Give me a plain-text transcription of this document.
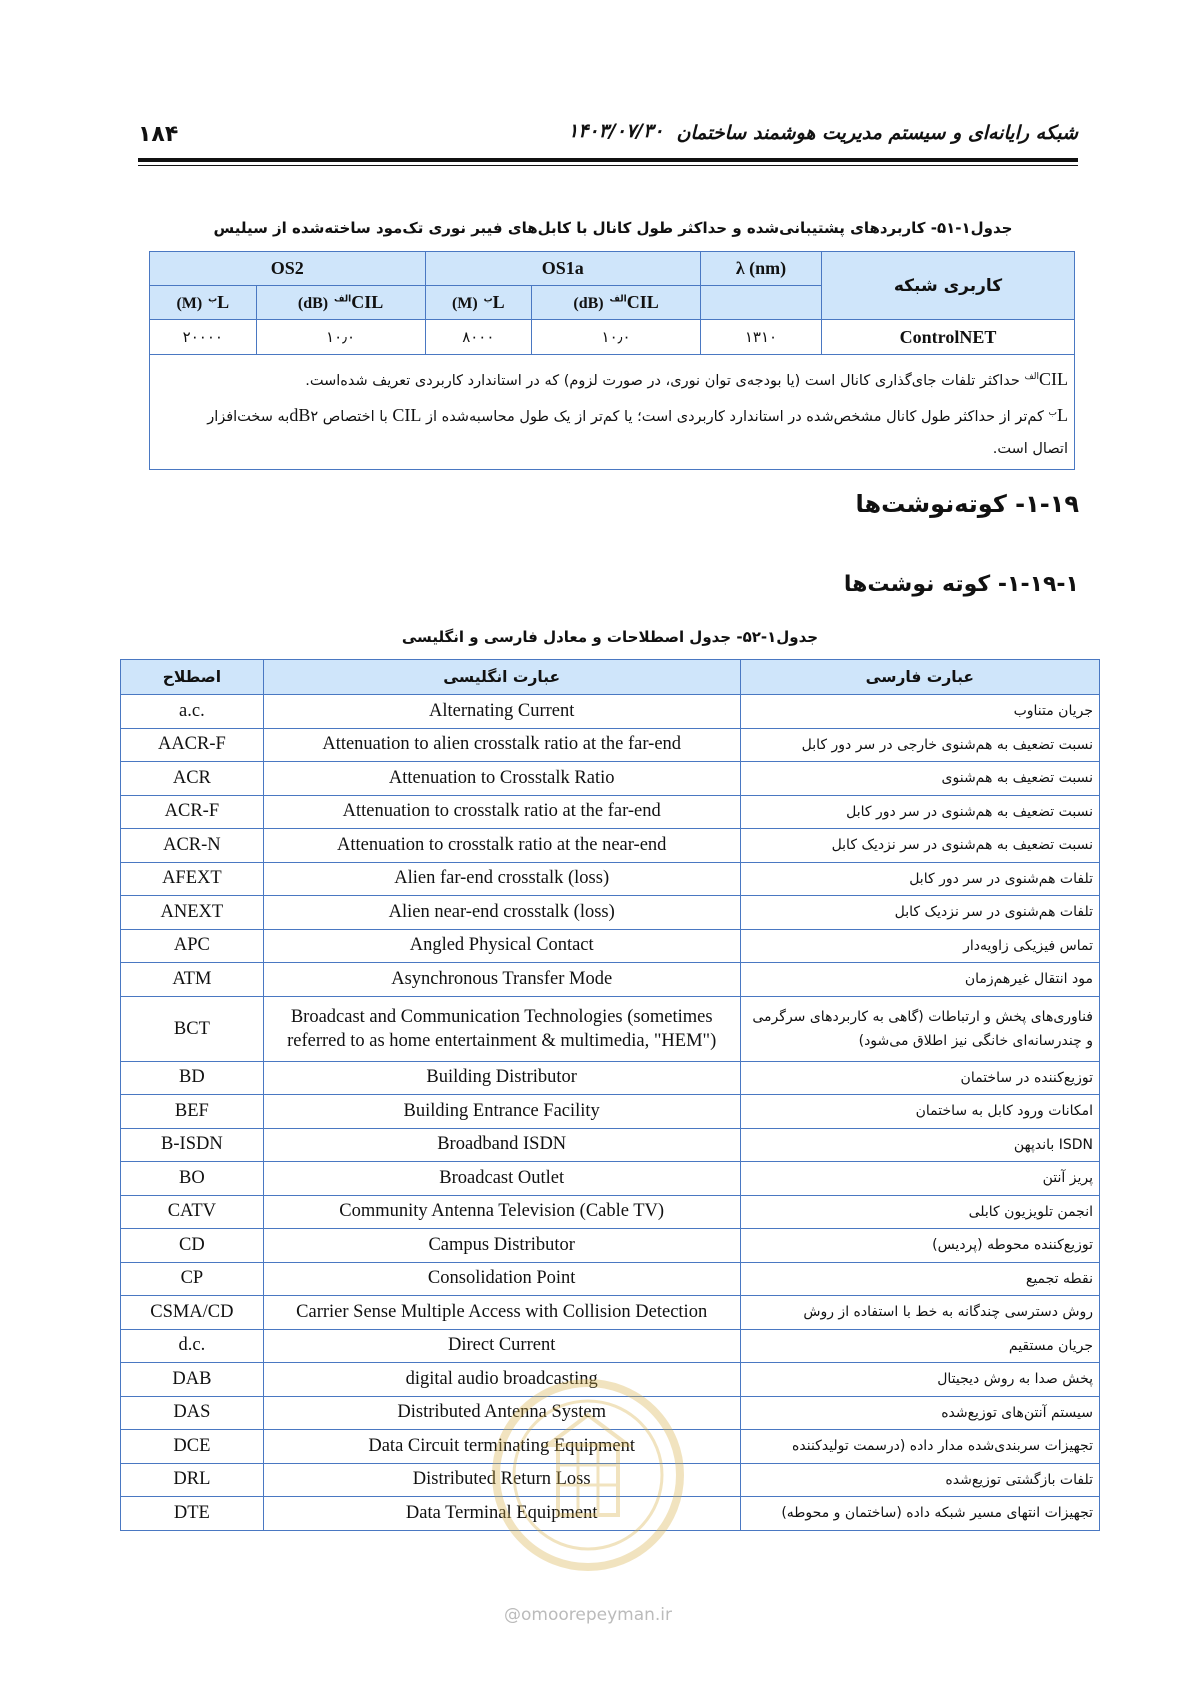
۱۸۴	۱۴۰۳/۰۷/۳۰ شبکه رایانه‌ای و سیستم مدیریت هوشمند ساختمان
جدول۱-۵۱- کاربردهای پشتیبانی‌شده و حداکثر طول کانال با کابل‌های فیبر نوری تک‌مود ساخته‌شده از سیلیس
کاربری شبکه	λ (nm)	OS1a		OS2	
		$CIL^{الف}$ (dB)	$L^ب$ (M)	$CIL^{الف}$ (dB)	$L^ب$ (M)
ControlNET	۱۳۱۰	۱۰٫۰	۸۰۰۰	۱۰٫۰	۲۰۰۰۰

$CIL^{الف}$ حداکثر تلفات جای‌گذاری کانال است (یا بودجه‌ی توان نوری، در صورت لزوم) که در استاندارد کاربردی تعریف شده‌است.
$L^ب$ کم‌تر از حداکثر طول کانال مشخص‌شده در استاندارد کاربردی است؛ یا کم‌تر از یک طول محاسبه‌شده از CIL با اختصاص dB۲به سخت‌افزار
اتصال است.					
۱-۱۹- کوته‌نوشت‌ها
۱-۱۹-۱- کوته نوشت‌ها
جدول۱-۵۲- جدول اصطلاحات و معادل فارسی و انگلیسی
عبارت فارسی	عبارت انگلیسی	اصطلاح
جریان متناوب	Alternating Current	a.c.
نسبت تضعیف به هم‌شنوی خارجی در سر دور کابل	Attenuation to alien crosstalk ratio at the far-end	AACR-F
نسبت تضعیف به هم‌شنوی	Attenuation to Crosstalk Ratio	ACR
نسبت تضعیف به هم‌شنوی در سر دور کابل	Attenuation to crosstalk ratio at the far-end	ACR-F
نسبت تضعیف به هم‌شنوی در سر نزدیک کابل	Attenuation to crosstalk ratio at the near-end	ACR-N
تلفات هم‌شنوی در سر دور کابل	Alien far-end crosstalk (loss)	AFEXT
تلفات هم‌شنوی در سر نزدیک کابل	Alien near-end crosstalk (loss)	ANEXT
تماس فیزیکی زاویه‌دار	Angled Physical Contact	APC
مود انتقال غیرهم‌زمان	Asynchronous Transfer Mode	ATM
فناوری‌های پخش و ارتباطات (گاهی به کاربردهای سرگرمی و چندرسانه‌ای خانگی نیز اطلاق می‌شود)	Broadcast and Communication Technologies (sometimes referred to as home entertainment & multimedia, "HEM")	BCT
توزیع‌کننده در ساختمان	Building Distributor	BD
امکانات ورود کابل به ساختمان	Building Entrance Facility	BEF
ISDN باندپهن	Broadband ISDN	B-ISDN
پریز آنتن	Broadcast Outlet	BO
انجمن تلویزیون کابلی	Community Antenna Television (Cable TV)	CATV
توزیع‌کننده محوطه (پردیس)	Campus Distributor	CD
نقطه تجمیع	Consolidation Point	CP
روش دسترسی چندگانه به خط با استفاده از روش	Carrier Sense Multiple Access with Collision Detection	CSMA/CD
جریان مستقیم	Direct Current	d.c.
پخش صدا به روش دیجیتال	digital audio broadcasting	DAB
سیستم آنتن‌های توزیع‌شده	Distributed Antenna System	DAS
تجهیزات سربندی‌شده مدار داده (درسمت تولیدکننده	Data Circuit terminating Equipment	DCE
تلفات بازگشتی توزیع‌شده	Distributed Return Loss	DRL
تجهیزات انتهای مسیر شبکه داده (ساختمان و محوطه)	Data Terminal Equipment	DTE
@omoorepeyman.ir
